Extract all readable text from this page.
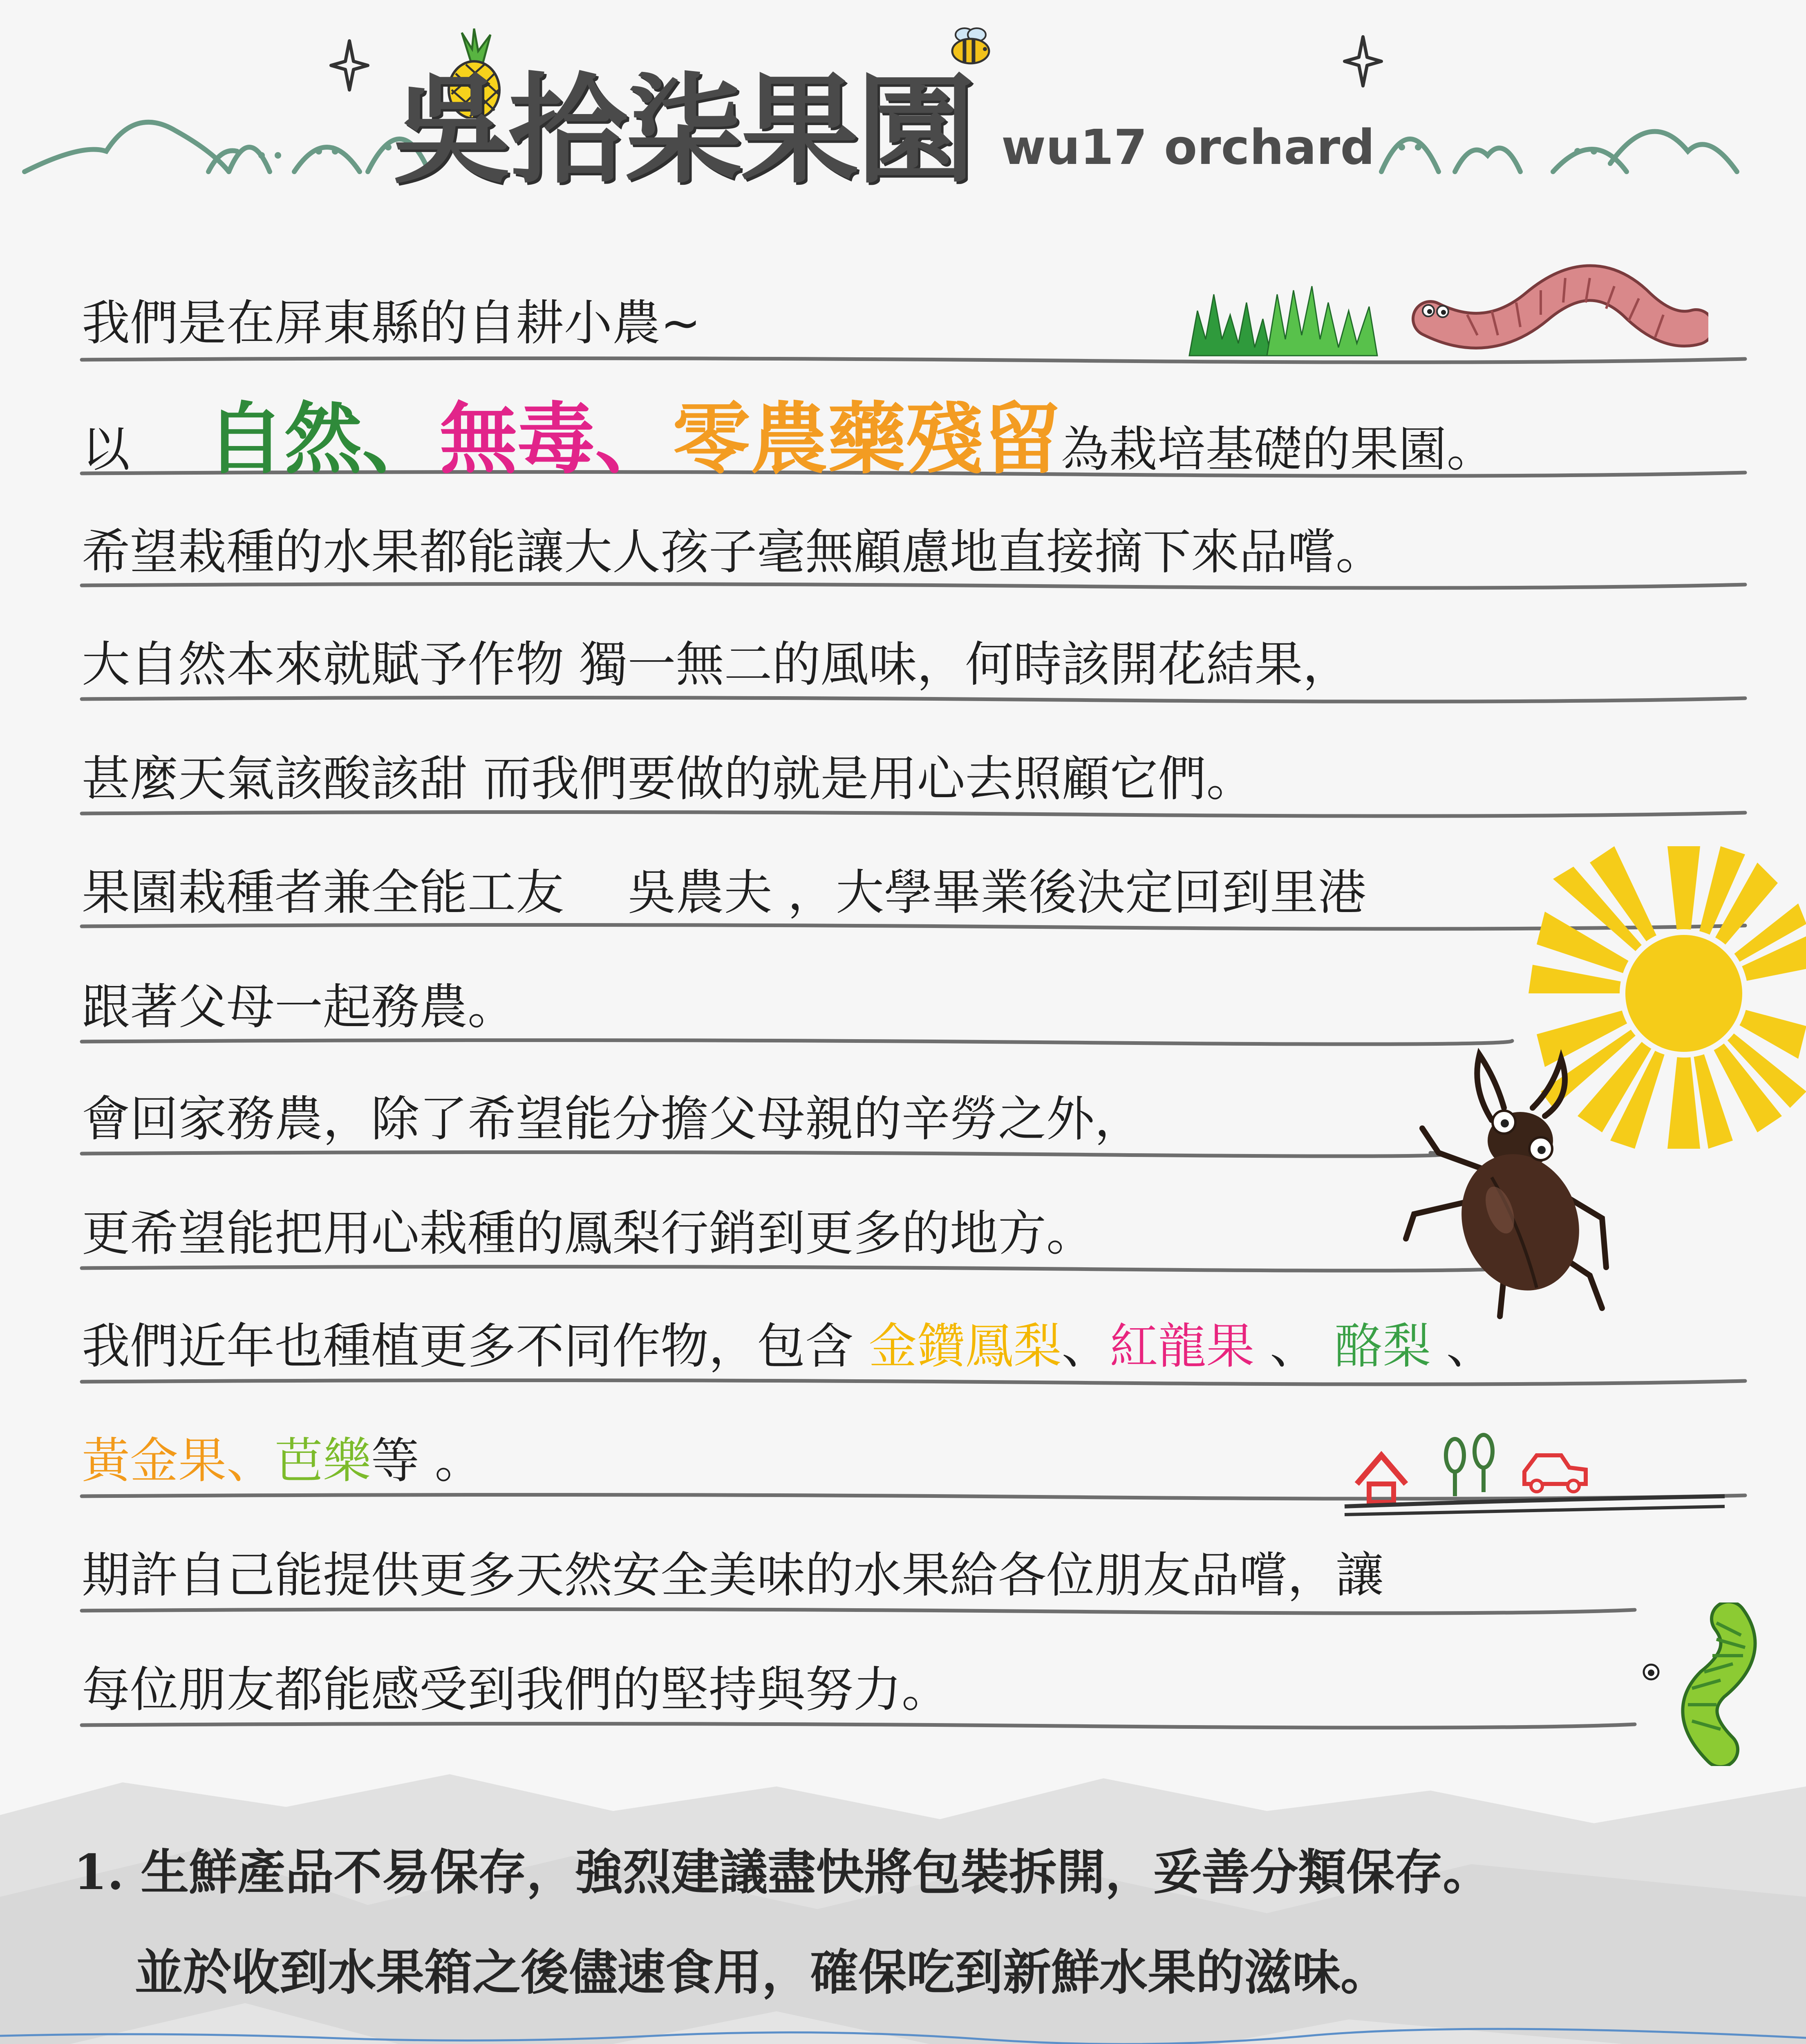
吳拾柒果園 wu17 orchard
我們是在屏東縣的自耕小農~
以 自然、無毒、零農藥殘留為栽培基礎的果園。
希望栽種的水果都能讓大人孩子毫無顧慮地直接摘下來品嚐。
大自然本來就賦予作物 獨一無二的風味，何時該開花結果，
甚麼天氣該酸該甜 而我們要做的就是用心去照顧它們。
果園栽種者兼全能工友 　吳農夫 ，大學畢業後決定回到里港
跟著父母一起務農。
會回家務農，除了希望能分擔父母親的辛勞之外，
更希望能把用心栽種的鳳梨行銷到更多的地方。
我們近年也種植更多不同作物，包含 金鑽鳳梨、紅龍果 、 酪梨 、
黃金果、芭樂等 。
期許自己能提供更多天然安全美味的水果給各位朋友品嚐，讓
每位朋友都能感受到我們的堅持與努力。
1. 生鮮產品不易保存，強烈建議盡快將包裝拆開，妥善分類保存。
並於收到水果箱之後儘速食用，確保吃到新鮮水果的滋味。
